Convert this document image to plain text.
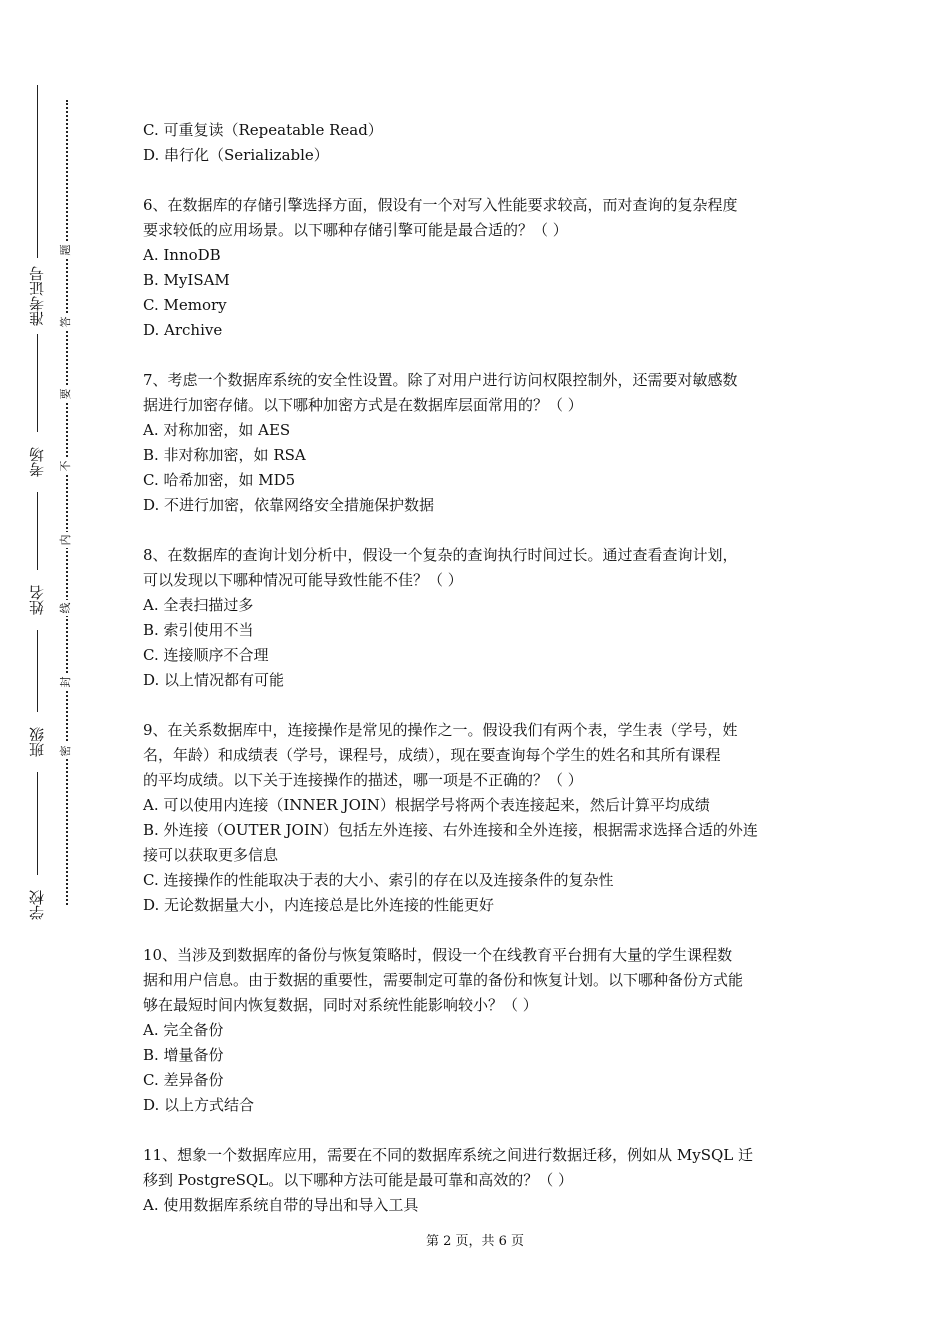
学校
班级
姓名
考场
准考证号
密
封
线
内
不
要
答
题
C. 可重复读（Repeatable Read）
D. 串行化（Serializable）
6、在数据库的存储引擎选择方面，假设有一个对写入性能要求较高，而对查询的复杂程度
要求较低的应用场景。以下哪种存储引擎可能是最合适的？（ ）
A. InnoDB
B. MyISAM
C. Memory
D. Archive
7、考虑一个数据库系统的安全性设置。除了对用户进行访问权限控制外，还需要对敏感数
据进行加密存储。以下哪种加密方式是在数据库层面常用的？（ ）
A. 对称加密，如 AES
B. 非对称加密，如 RSA
C. 哈希加密，如 MD5
D. 不进行加密，依靠网络安全措施保护数据
8、在数据库的查询计划分析中，假设一个复杂的查询执行时间过长。通过查看查询计划，
可以发现以下哪种情况可能导致性能不佳？（ ）
A. 全表扫描过多
B. 索引使用不当
C. 连接顺序不合理
D. 以上情况都有可能
9、在关系数据库中，连接操作是常见的操作之一。假设我们有两个表，学生表（学号，姓
名，年龄）和成绩表（学号，课程号，成绩），现在要查询每个学生的姓名和其所有课程
的平均成绩。以下关于连接操作的描述，哪一项是不正确的？（ ）
A. 可以使用内连接（INNER JOIN）根据学号将两个表连接起来，然后计算平均成绩
B. 外连接（OUTER JOIN）包括左外连接、右外连接和全外连接，根据需求选择合适的外连
接可以获取更多信息
C. 连接操作的性能取决于表的大小、索引的存在以及连接条件的复杂性
D. 无论数据量大小，内连接总是比外连接的性能更好
10、当涉及到数据库的备份与恢复策略时，假设一个在线教育平台拥有大量的学生课程数
据和用户信息。由于数据的重要性，需要制定可靠的备份和恢复计划。以下哪种备份方式能
够在最短时间内恢复数据，同时对系统性能影响较小？（ ）
A. 完全备份
B. 增量备份
C. 差异备份
D. 以上方式结合
11、想象一个数据库应用，需要在不同的数据库系统之间进行数据迁移，例如从 MySQL 迁
移到 PostgreSQL。以下哪种方法可能是最可靠和高效的？（ ）
A. 使用数据库系统自带的导出和导入工具
第 2 页，共 6 页
